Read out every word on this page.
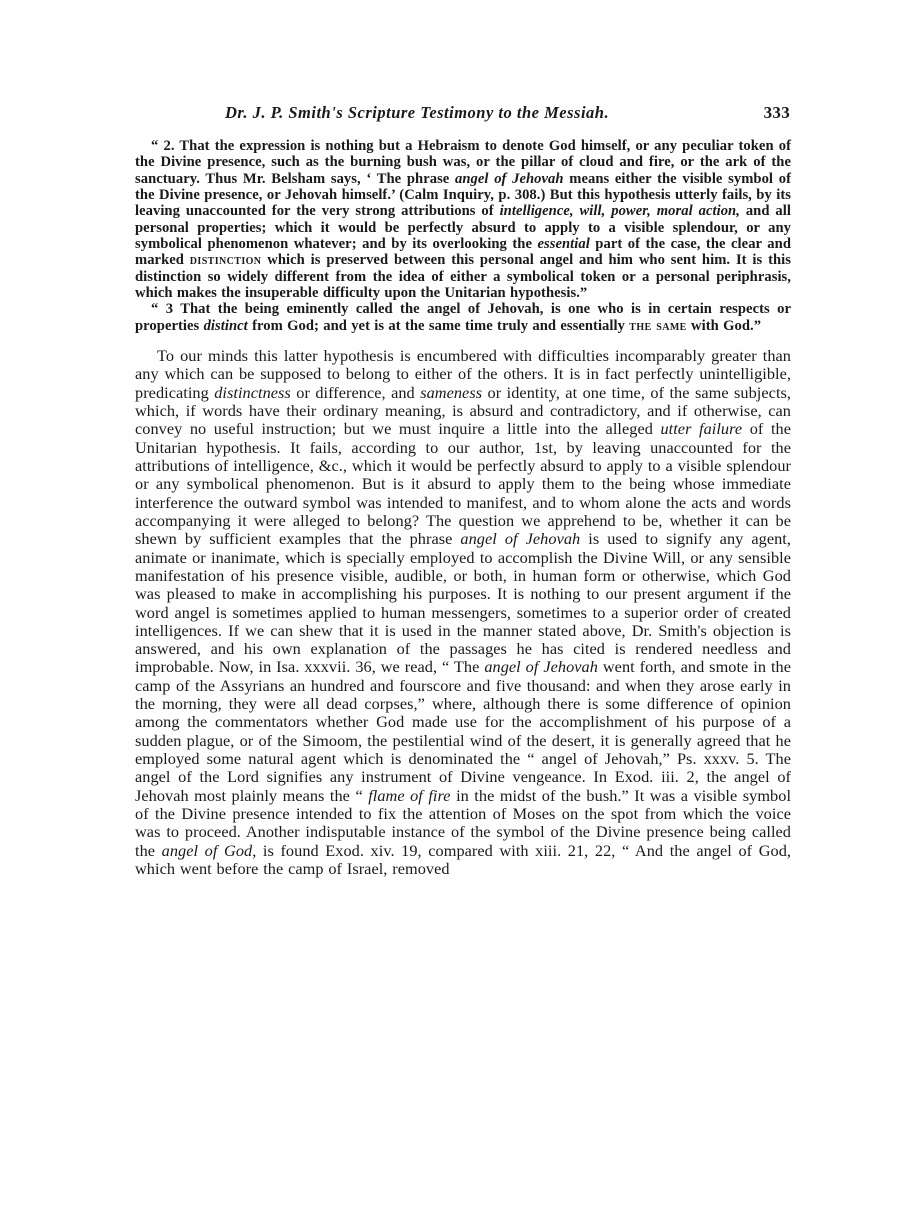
Dr. J. P. Smith's Scripture Testimony to the Messiah.	333

“ 2. That the expression is nothing but a Hebraism to denote God himself, or any peculiar token of the Divine presence, such as the burning bush was, or the pillar of cloud and fire, or the ark of the sanctuary. Thus Mr. Belsham says, ‘ The phrase angel of Jehovah means either the visible symbol of the Divine presence, or Jehovah himself.’ (Calm Inquiry, p. 308.) But this hypothesis utterly fails, by its leaving unaccounted for the very strong attributions of intelligence, will, power, moral action, and all personal properties; which it would be perfectly absurd to apply to a visible splendour, or any symbolical phenomenon whatever; and by its overlooking the essential part of the case, the clear and marked distinction which is preserved between this personal angel and him who sent him. It is this distinction so widely different from the idea of either a symbolical token or a personal periphrasis, which makes the insuperable difficulty upon the Unitarian hypothesis.”

“ 3 That the being eminently called the angel of Jehovah, is one who is in certain respects or properties distinct from God; and yet is at the same time truly and essentially the same with God.”

To our minds this latter hypothesis is encumbered with difficulties incomparably greater than any which can be supposed to belong to either of the others. It is in fact perfectly unintelligible, predicating distinctness or difference, and sameness or identity, at one time, of the same subjects, which, if words have their ordinary meaning, is absurd and contradictory, and if otherwise, can convey no useful instruction; but we must inquire a little into the alleged utter failure of the Unitarian hypothesis. It fails, according to our author, 1st, by leaving unaccounted for the attributions of intelligence, &c., which it would be perfectly absurd to apply to a visible splendour or any symbolical phenomenon. But is it absurd to apply them to the being whose immediate interference the outward symbol was intended to manifest, and to whom alone the acts and words accompanying it were alleged to belong? The question we apprehend to be, whether it can be shewn by sufficient examples that the phrase angel of Jehovah is used to signify any agent, animate or inanimate, which is specially employed to accomplish the Divine Will, or any sensible manifestation of his presence visible, audible, or both, in human form or otherwise, which God was pleased to make in accomplishing his purposes. It is nothing to our present argument if the word angel is sometimes applied to human messengers, sometimes to a superior order of created intelligences. If we can shew that it is used in the manner stated above, Dr. Smith's objection is answered, and his own explanation of the passages he has cited is rendered needless and improbable. Now, in Isa. xxxvii. 36, we read, “ The angel of Jehovah went forth, and smote in the camp of the Assyrians an hundred and fourscore and five thousand: and when they arose early in the morning, they were all dead corpses,” where, although there is some difference of opinion among the commentators whether God made use for the accomplishment of his purpose of a sudden plague, or of the Simoom, the pestilential wind of the desert, it is generally agreed that he employed some natural agent which is denominated the “ angel of Jehovah,” Ps. xxxv. 5. The angel of the Lord signifies any instrument of Divine vengeance. In Exod. iii. 2, the angel of Jehovah most plainly means the “ flame of fire in the midst of the bush.” It was a visible symbol of the Divine presence intended to fix the attention of Moses on the spot from which the voice was to proceed. Another indisputable instance of the symbol of the Divine presence being called the angel of God, is found Exod. xiv. 19, compared with xiii. 21, 22, “ And the angel of God, which went before the camp of Israel, removed
